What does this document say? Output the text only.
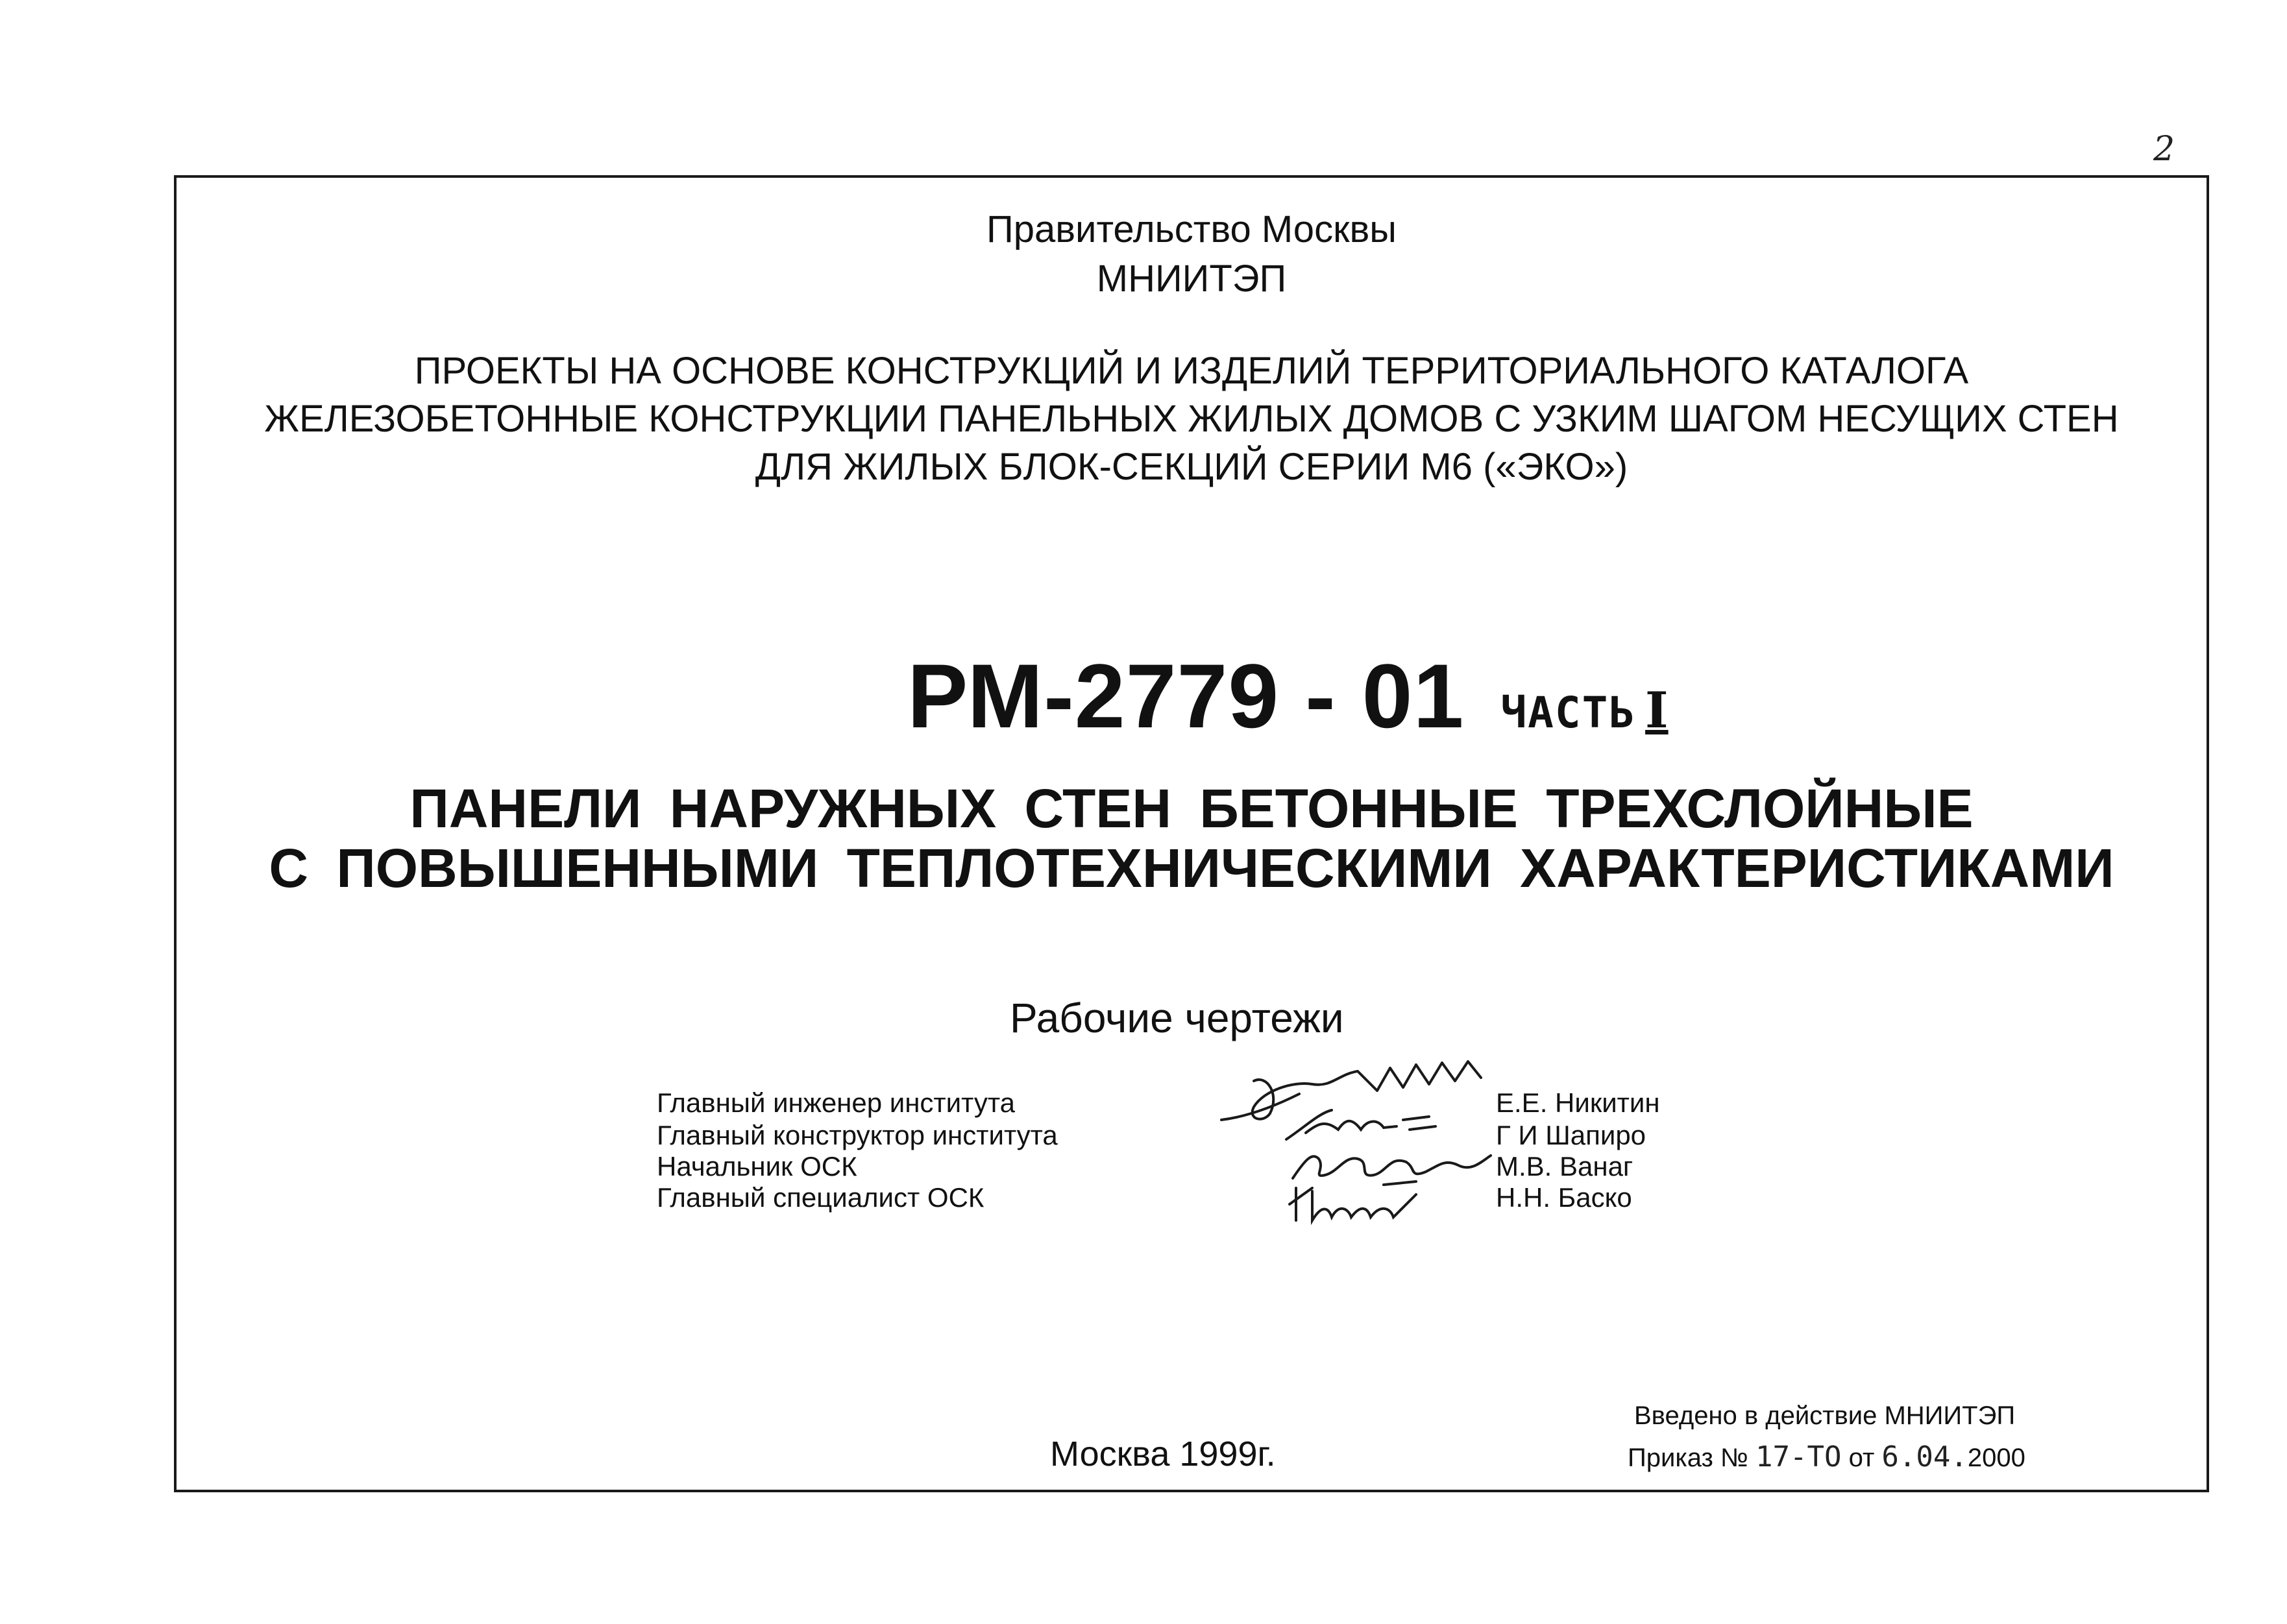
2
Правительство Москвы
МНИИТЭП
ПРОЕКТЫ НА ОСНОВЕ КОНСТРУКЦИЙ И ИЗДЕЛИЙ ТЕРРИТОРИАЛЬНОГО КАТАЛОГА
ЖЕЛЕЗОБЕТОННЫЕ КОНСТРУКЦИИ ПАНЕЛЬНЫХ ЖИЛЫХ ДОМОВ С УЗКИМ ШАГОМ НЕСУЩИХ СТЕН
ДЛЯ ЖИЛЫХ БЛОК-СЕКЦИЙ СЕРИИ М6 («ЭКО»)
РМ-2779 - 01 ЧАСТЬ I
ПАНЕЛИ НАРУЖНЫХ СТЕН БЕТОННЫЕ ТРЕХСЛОЙНЫЕ
С ПОВЫШЕННЫМИ ТЕПЛОТЕХНИЧЕСКИМИ ХАРАКТЕРИСТИКАМИ
Рабочие чертежи
Главный инженер института	Е.Е. Никитин
Главный конструктор института	Г И Шапиро
Начальник ОСК	М.В. Ванаг
Главный специалист ОСК	Н.Н. Баско
Москва 1999г.
Введено в действие МНИИТЭП
Приказ № 17-ТО от 6.04.2000
